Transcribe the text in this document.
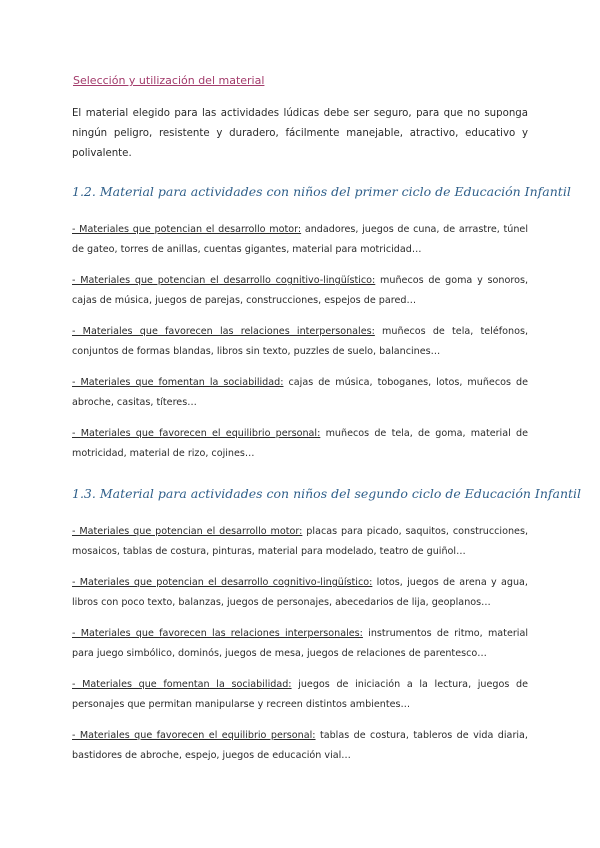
Selección y utilización del material

El material elegido para las actividades lúdicas debe ser seguro, para que no suponga ningún peligro, resistente y duradero, fácilmente manejable, atractivo, educativo y polivalente.

1.2. Material para actividades con niños del primer ciclo de Educación Infantil

- Materiales que potencian el desarrollo motor: andadores, juegos de cuna, de arrastre, túnel de gateo, torres de anillas, cuentas gigantes, material para motricidad…

- Materiales que potencian el desarrollo cognitivo-lingüístico: muñecos de goma y sonoros, cajas de música, juegos de parejas, construcciones, espejos de pared…

- Materiales que favorecen las relaciones interpersonales: muñecos de tela, teléfonos, conjuntos de formas blandas, libros sin texto, puzzles de suelo, balancines…

- Materiales que fomentan la sociabilidad: cajas de música, toboganes, lotos, muñecos de abroche, casitas, títeres…

- Materiales que favorecen el equilibrio personal: muñecos de tela, de goma, material de motricidad, material de rizo, cojines…

1.3. Material para actividades con niños del segundo ciclo de Educación Infantil

- Materiales que potencian el desarrollo motor: placas para picado, saquitos, construcciones, mosaicos, tablas de costura, pinturas, material para modelado, teatro de guiñol…

- Materiales que potencian el desarrollo cognitivo-lingüístico: lotos, juegos de arena y agua, libros con poco texto, balanzas, juegos de personajes, abecedarios de lija, geoplanos…

- Materiales que favorecen las relaciones interpersonales: instrumentos de ritmo, material para juego simbólico, dominós, juegos de mesa, juegos de relaciones de parentesco…

- Materiales que fomentan la sociabilidad: juegos de iniciación a la lectura, juegos de personajes que permitan manipularse y recreen distintos ambientes…

- Materiales que favorecen el equilibrio personal: tablas de costura, tableros de vida diaria, bastidores de abroche, espejo, juegos de educación vial…
